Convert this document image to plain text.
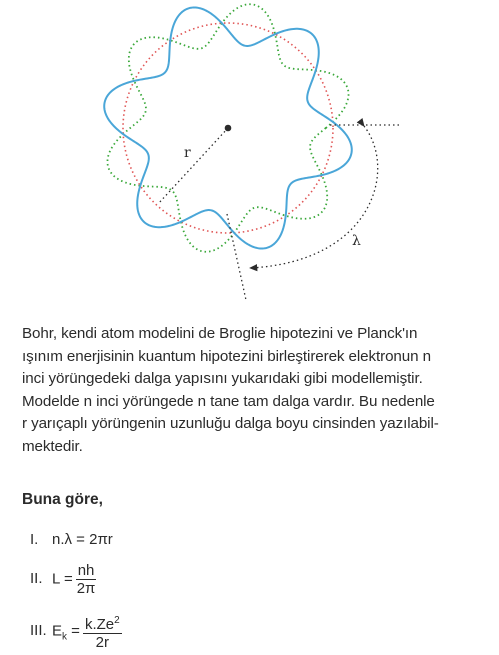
r
λ

Bohr, kendi atom modelini de Broglie hipotezini ve Planck'ın
ışınım enerjisinin kuantum hipotezini birleştirerek elektronun n
inci yörüngedeki dalga yapısını yukarıdaki gibi modellemiştir.
Modelde n inci yörüngede n tane tam dalga vardır. Bu nedenle
r yarıçaplı yörüngenin uzunluğu dalga boyu cinsinden yazılabil-
mektedir.

Buna göre,
I. n.λ = 2πr
II. $L = \frac{nh}{2\pi}$
III. $E_k = \frac{k.Ze^2}{2r}$
